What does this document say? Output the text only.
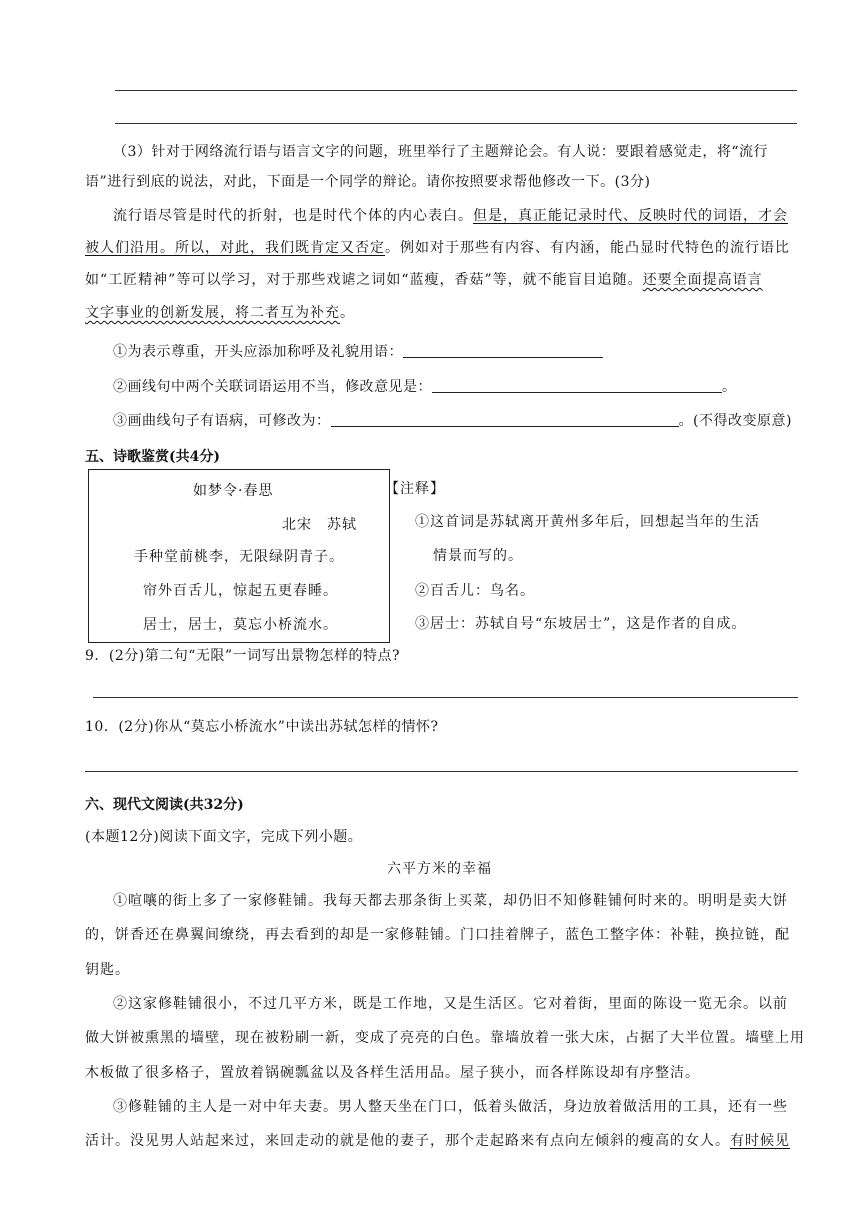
（3）针对于网络流行语与语言文字的问题，班里举行了主题辩论会。有人说：要跟着感觉走，将“流行
语”进行到底的说法，对此，下面是一个同学的辩论。请你按照要求帮他修改一下。(3分)
流行语尽管是时代的折射，也是时代个体的内心表白。但是，真正能记录时代、反映时代的词语，才会
被人们沿用。所以，对此，我们既肯定又否定。例如对于那些有内容、有内涵，能凸显时代特色的流行语比
如“工匠精神”等可以学习，对于那些戏谑之词如“蓝瘦，香菇”等，就不能盲目追随。还要全面提高语言
文字事业的创新发展，将二者互为补充。
①为表示尊重，开头应添加称呼及礼貌用语：
②画线句中两个关联词语运用不当，修改意见是：	。
③画曲线句子有语病，可修改为：	。(不得改变原意)
五、诗歌鉴赏(共4分)
如梦令·春思
北宋　苏轼
手种堂前桃李，无限绿阴青子。
帘外百舌儿，惊起五更春睡。
居士，居士，莫忘小桥流水。
【注释】
①这首词是苏轼离开黄州多年后，回想起当年的生活
情景而写的。
②百舌儿：鸟名。
③居士：苏轼自号“东坡居士”，这是作者的自成。
9．(2分)第二句“无限”一词写出景物怎样的特点?
10．(2分)你从“莫忘小桥流水”中读出苏轼怎样的情怀?
六、现代文阅读(共32分)
(本题12分)阅读下面文字，完成下列小题。
六平方米的幸福
①喧嚷的街上多了一家修鞋铺。我每天都去那条街上买菜，却仍旧不知修鞋铺何时来的。明明是卖大饼
的，饼香还在鼻翼间缭绕，再去看到的却是一家修鞋铺。门口挂着牌子，蓝色工整字体：补鞋，换拉链，配
钥匙。
②这家修鞋铺很小，不过几平方米，既是工作地，又是生活区。它对着街，里面的陈设一览无余。以前
做大饼被熏黑的墙壁，现在被粉刷一新，变成了亮亮的白色。靠墙放着一张大床，占据了大半位置。墙壁上用
木板做了很多格子，置放着锅碗瓢盆以及各样生活用品。屋子狭小，而各样陈设却有序整洁。
③修鞋铺的主人是一对中年夫妻。男人整天坐在门口，低着头做活，身边放着做活用的工具，还有一些
活计。没见男人站起来过，来回走动的就是他的妻子，那个走起路来有点向左倾斜的瘦高的女人。有时候见
